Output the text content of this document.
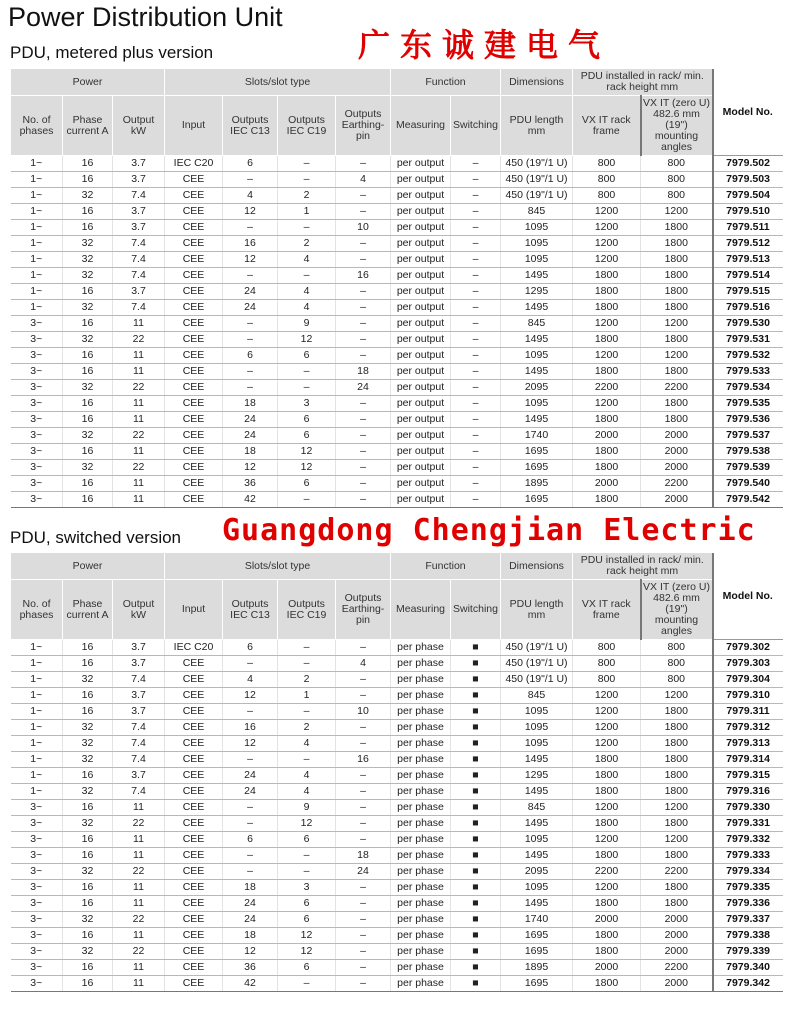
Power Distribution Unit
广东诚建电气
PDU, metered plus version
Power			Slots/slot type				Function		Dimensions	PDU installed in rack/ min. rack height mm		Model No.
No. of phases	Phase current A	Output kW	Input	Outputs IEC C13	Outputs IEC C19	Outputs Earthing-pin	Measuring	Switching	PDU length mm	VX IT rack frame	VX IT (zero U) 482.6 mm (19") mounting angles	
1~	16	3.7	IEC C20	6	–	–	per output	–	450 (19"/1 U)	800	800	7979.502
1~	16	3.7	CEE	–	–	4	per output	–	450 (19"/1 U)	800	800	7979.503
1~	32	7.4	CEE	4	2	–	per output	–	450 (19"/1 U)	800	800	7979.504
1~	16	3.7	CEE	12	1	–	per output	–	845	1200	1200	7979.510
1~	16	3.7	CEE	–	–	10	per output	–	1095	1200	1800	7979.511
1~	32	7.4	CEE	16	2	–	per output	–	1095	1200	1800	7979.512
1~	32	7.4	CEE	12	4	–	per output	–	1095	1200	1800	7979.513
1~	32	7.4	CEE	–	–	16	per output	–	1495	1800	1800	7979.514
1~	16	3.7	CEE	24	4	–	per output	–	1295	1800	1800	7979.515
1~	32	7.4	CEE	24	4	–	per output	–	1495	1800	1800	7979.516
3~	16	11	CEE	–	9	–	per output	–	845	1200	1200	7979.530
3~	32	22	CEE	–	12	–	per output	–	1495	1800	1800	7979.531
3~	16	11	CEE	6	6	–	per output	–	1095	1200	1200	7979.532
3~	16	11	CEE	–	–	18	per output	–	1495	1800	1800	7979.533
3~	32	22	CEE	–	–	24	per output	–	2095	2200	2200	7979.534
3~	16	11	CEE	18	3	–	per output	–	1095	1200	1800	7979.535
3~	16	11	CEE	24	6	–	per output	–	1495	1800	1800	7979.536
3~	32	22	CEE	24	6	–	per output	–	1740	2000	2000	7979.537
3~	16	11	CEE	18	12	–	per output	–	1695	1800	2000	7979.538
3~	32	22	CEE	12	12	–	per output	–	1695	1800	2000	7979.539
3~	16	11	CEE	36	6	–	per output	–	1895	2000	2200	7979.540
3~	16	11	CEE	42	–	–	per output	–	1695	1800	2000	7979.542
PDU, switched version Guangdong Chengjian Electric
Power			Slots/slot type				Function		Dimensions	PDU installed in rack/ min. rack height mm		Model No.
No. of phases	Phase current A	Output kW	Input	Outputs IEC C13	Outputs IEC C19	Outputs Earthing-pin	Measuring	Switching	PDU length mm	VX IT rack frame	VX IT (zero U) 482.6 mm (19") mounting angles	
1~	16	3.7	IEC C20	6	–	–	per phase	■	450 (19"/1 U)	800	800	7979.302
1~	16	3.7	CEE	–	–	4	per phase	■	450 (19"/1 U)	800	800	7979.303
1~	32	7.4	CEE	4	2	–	per phase	■	450 (19"/1 U)	800	800	7979.304
1~	16	3.7	CEE	12	1	–	per phase	■	845	1200	1200	7979.310
1~	16	3.7	CEE	–	–	10	per phase	■	1095	1200	1800	7979.311
1~	32	7.4	CEE	16	2	–	per phase	■	1095	1200	1800	7979.312
1~	32	7.4	CEE	12	4	–	per phase	■	1095	1200	1800	7979.313
1~	32	7.4	CEE	–	–	16	per phase	■	1495	1800	1800	7979.314
1~	16	3.7	CEE	24	4	–	per phase	■	1295	1800	1800	7979.315
1~	32	7.4	CEE	24	4	–	per phase	■	1495	1800	1800	7979.316
3~	16	11	CEE	–	9	–	per phase	■	845	1200	1200	7979.330
3~	32	22	CEE	–	12	–	per phase	■	1495	1800	1800	7979.331
3~	16	11	CEE	6	6	–	per phase	■	1095	1200	1200	7979.332
3~	16	11	CEE	–	–	18	per phase	■	1495	1800	1800	7979.333
3~	32	22	CEE	–	–	24	per phase	■	2095	2200	2200	7979.334
3~	16	11	CEE	18	3	–	per phase	■	1095	1200	1800	7979.335
3~	16	11	CEE	24	6	–	per phase	■	1495	1800	1800	7979.336
3~	32	22	CEE	24	6	–	per phase	■	1740	2000	2000	7979.337
3~	16	11	CEE	18	12	–	per phase	■	1695	1800	2000	7979.338
3~	32	22	CEE	12	12	–	per phase	■	1695	1800	2000	7979.339
3~	16	11	CEE	36	6	–	per phase	■	1895	2000	2200	7979.340
3~	16	11	CEE	42	–	–	per phase	■	1695	1800	2000	7979.342
